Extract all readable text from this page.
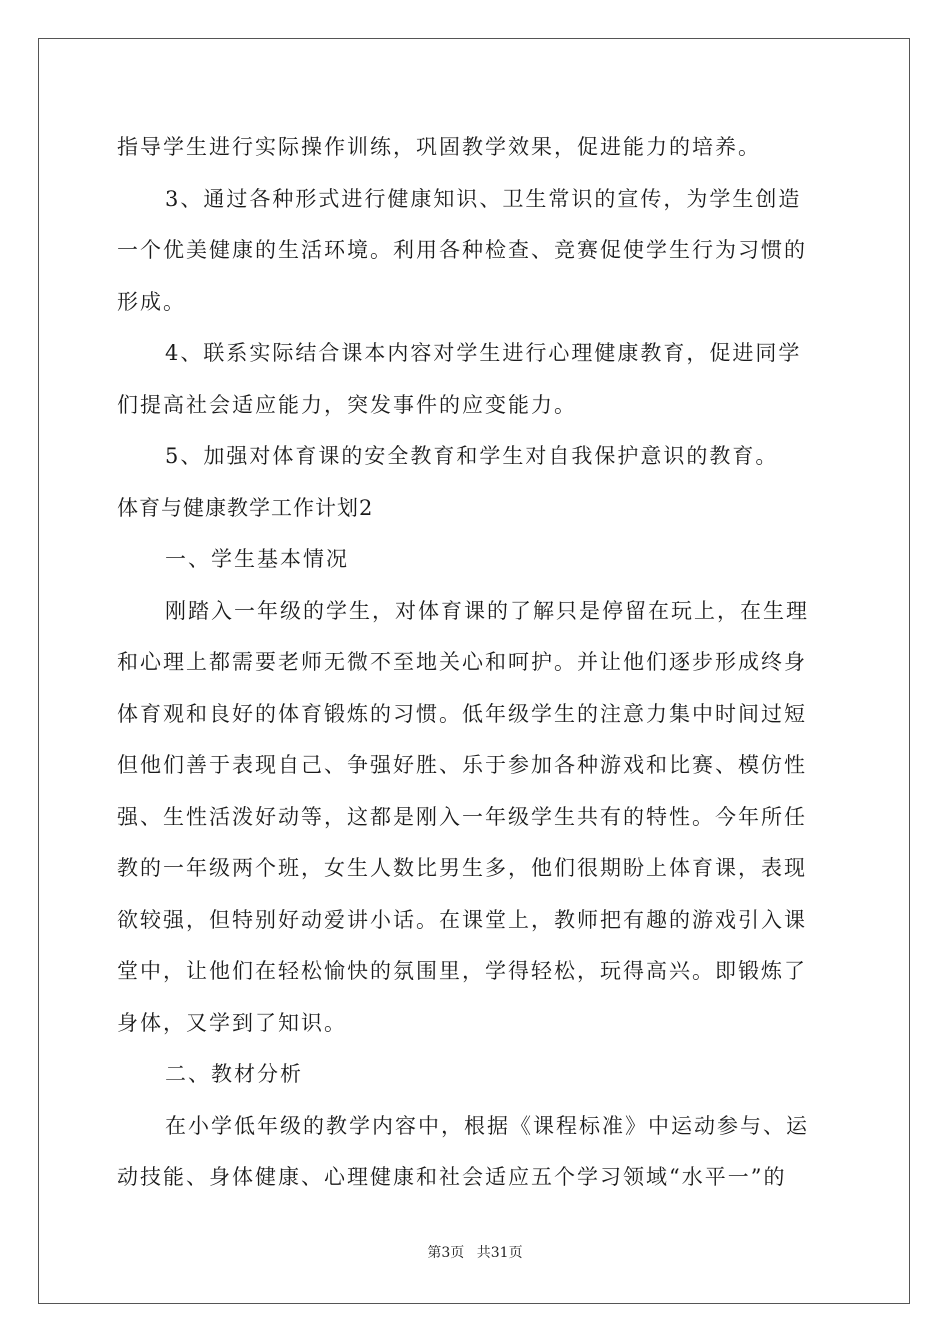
指导学生进行实际操作训练，巩固教学效果，促进能力的培养。
3、通过各种形式进行健康知识、卫生常识的宣传，为学生创造
一个优美健康的生活环境。利用各种检查、竞赛促使学生行为习惯的
形成。
4、联系实际结合课本内容对学生进行心理健康教育，促进同学
们提高社会适应能力，突发事件的应变能力。
5、加强对体育课的安全教育和学生对自我保护意识的教育。
体育与健康教学工作计划2
一、学生基本情况
刚踏入一年级的学生，对体育课的了解只是停留在玩上，在生理
和心理上都需要老师无微不至地关心和呵护。并让他们逐步形成终身
体育观和良好的体育锻炼的习惯。低年级学生的注意力集中时间过短
但他们善于表现自己、争强好胜、乐于参加各种游戏和比赛、模仿性
强、生性活泼好动等，这都是刚入一年级学生共有的特性。今年所任
教的一年级两个班，女生人数比男生多，他们很期盼上体育课，表现
欲较强，但特别好动爱讲小话。在课堂上，教师把有趣的游戏引入课
堂中，让他们在轻松愉快的氛围里，学得轻松，玩得高兴。即锻炼了
身体，又学到了知识。
二、教材分析
在小学低年级的教学内容中，根据《课程标准》中运动参与、运
动技能、身体健康、心理健康和社会适应五个学习领域“水平一”的
第3页 共31页
